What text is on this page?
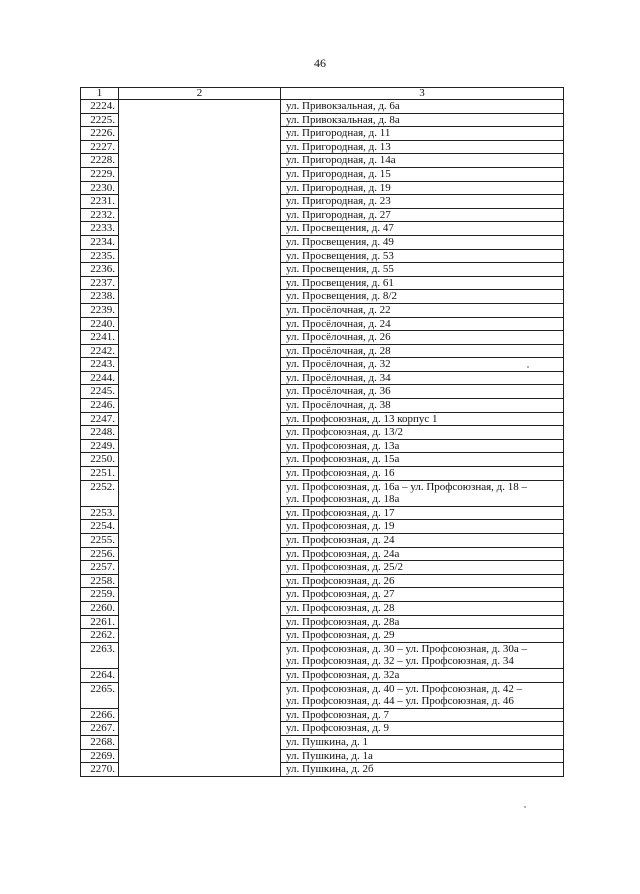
46
1	2	3
2224.		ул. Привокзальная, д. 6а
2225.		ул. Привокзальная, д. 8а
2226.		ул. Пригородная, д. 11
2227.		ул. Пригородная, д. 13
2228.		ул. Пригородная, д. 14а
2229.		ул. Пригородная, д. 15
2230.		ул. Пригородная, д. 19
2231.		ул. Пригородная, д. 23
2232.		ул. Пригородная, д. 27
2233.		ул. Просвещения, д. 47
2234.		ул. Просвещения, д. 49
2235.		ул. Просвещения, д. 53
2236.		ул. Просвещения, д. 55
2237.		ул. Просвещения, д. 61
2238.		ул. Просвещения, д. 8/2
2239.		ул. Просёлочная, д. 22
2240.		ул. Просёлочная, д. 24
2241.		ул. Просёлочная, д. 26
2242.		ул. Просёлочная, д. 28
2243.		ул. Просёлочная, д. 32
2244.		ул. Просёлочная, д. 34
2245.		ул. Просёлочная, д. 36
2246.		ул. Просёлочная, д. 38
2247.		ул. Профсоюзная, д. 13 корпус 1
2248.		ул. Профсоюзная, д. 13/2
2249.		ул. Профсоюзная, д. 13а
2250.		ул. Профсоюзная, д. 15а
2251.		ул. Профсоюзная, д. 16
2252.		ул. Профсоюзная, д. 16а – ул. Профсоюзная, д. 18 –
ул. Профсоюзная, д. 18а
2253.		ул. Профсоюзная, д. 17
2254.		ул. Профсоюзная, д. 19
2255.		ул. Профсоюзная, д. 24
2256.		ул. Профсоюзная, д. 24а
2257.		ул. Профсоюзная, д. 25/2
2258.		ул. Профсоюзная, д. 26
2259.		ул. Профсоюзная, д. 27
2260.		ул. Профсоюзная, д. 28
2261.		ул. Профсоюзная, д. 28а
2262.		ул. Профсоюзная, д. 29
2263.		ул. Профсоюзная, д. 30 – ул. Профсоюзная, д. 30а –
ул. Профсоюзная, д. 32 – ул. Профсоюзная, д. 34
2264.		ул. Профсоюзная, д. 32а
2265.		ул. Профсоюзная, д. 40 – ул. Профсоюзная, д. 42 –
ул. Профсоюзная, д. 44 – ул. Профсоюзная, д. 46
2266.		ул. Профсоюзная, д. 7
2267.		ул. Профсоюзная, д. 9
2268.		ул. Пушкина, д. 1
2269.		ул. Пушкина, д. 1а
2270.		ул. Пушкина, д. 2б
